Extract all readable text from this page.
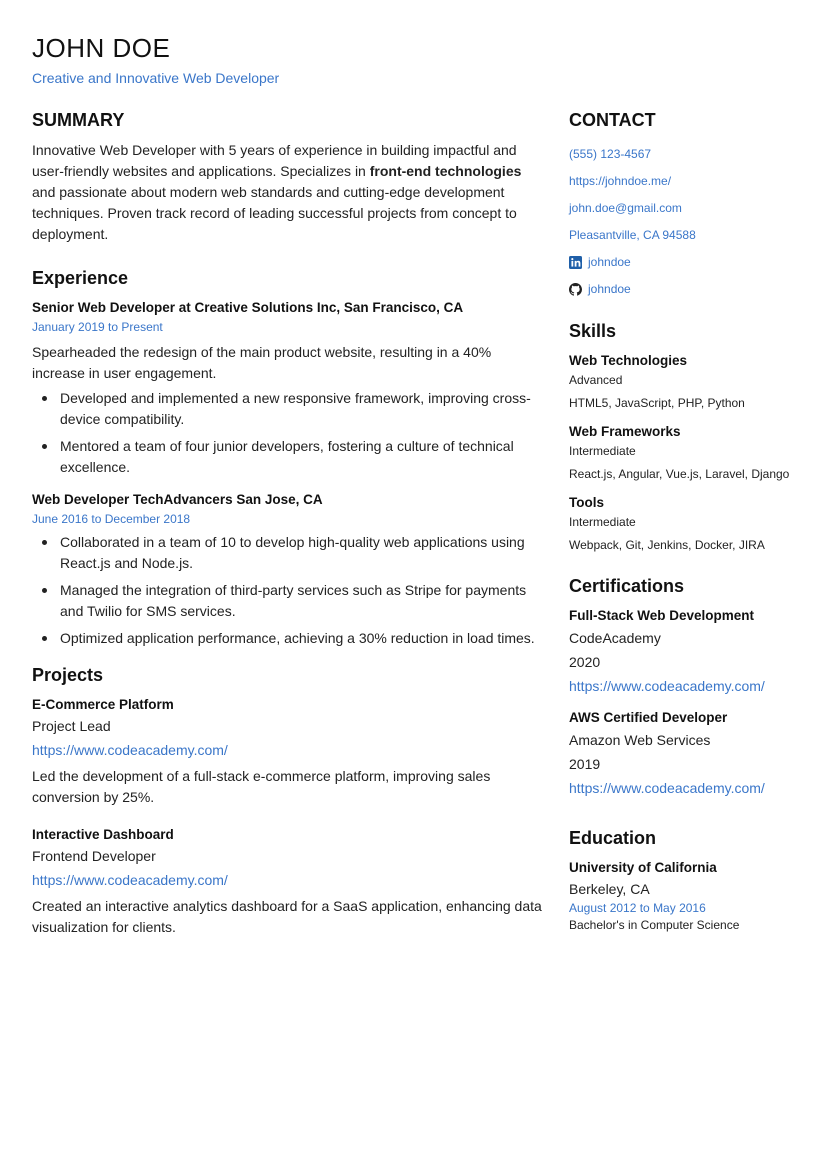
JOHN DOE
Creative and Innovative Web Developer
SUMMARY

Innovative Web Developer with 5 years of experience in building impactful and user-friendly websites and applications. Specializes in front-end technologies and passionate about modern web standards and cutting-edge development techniques. Proven track record of leading successful projects from concept to deployment.

Experience
Senior Web Developer at Creative Solutions Inc, San Francisco, CA
January 2019 to Present

Spearheaded the redesign of the main product website, resulting in a 40% increase in user engagement.

Developed and implemented a new responsive framework, improving cross-device compatibility.
Mentored a team of four junior developers, fostering a culture of technical excellence.
Web Developer TechAdvancers San Jose, CA
June 2016 to December 2018
Collaborated in a team of 10 to develop high-quality web applications using React.js and Node.js.
Managed the integration of third-party services such as Stripe for payments and Twilio for SMS services.
Optimized application performance, achieving a 30% reduction in load times.
Projects
E-Commerce Platform
Project Lead
https://www.codeacademy.com/

Led the development of a full-stack e-commerce platform, improving sales conversion by 25%.

Interactive Dashboard
Frontend Developer
https://www.codeacademy.com/

Created an interactive analytics dashboard for a SaaS application, enhancing data visualization for clients.

CONTACT
(555) 123-4567
https://johndoe.me/
john.doe@gmail.com
Pleasantville, CA 94588
johndoe
johndoe
Skills
Web Technologies
Advanced
HTML5, JavaScript, PHP, Python
Web Frameworks
Intermediate
React.js, Angular, Vue.js, Laravel, Django
Tools
Intermediate
Webpack, Git, Jenkins, Docker, JIRA
Certifications
Full-Stack Web Development
CodeAcademy
2020
https://www.codeacademy.com/
AWS Certified Developer
Amazon Web Services
2019
https://www.codeacademy.com/
Education
University of California
Berkeley, CA
August 2012 to May 2016
Bachelor's in Computer Science
